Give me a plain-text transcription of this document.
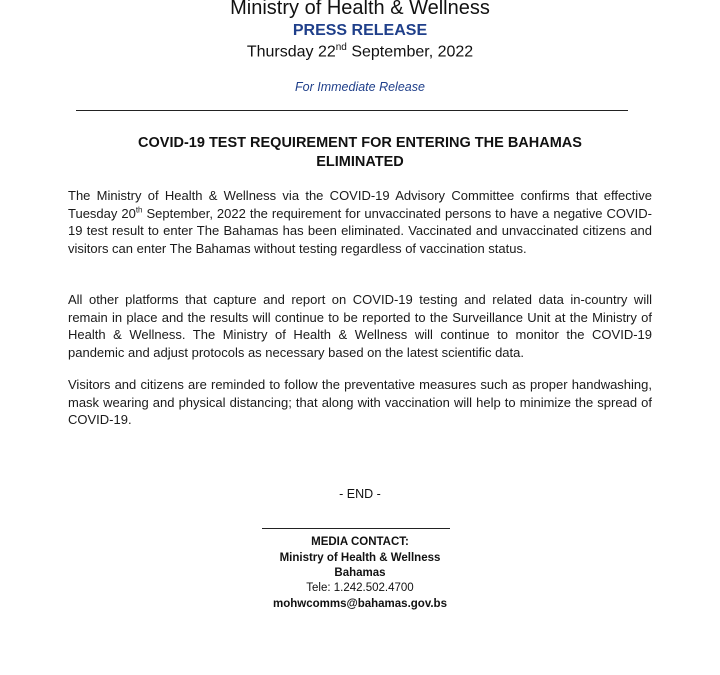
Ministry of Health & Wellness
PRESS RELEASE
Thursday 22nd September, 2022
For Immediate Release
COVID-19 TEST REQUIREMENT FOR ENTERING THE BAHAMAS
ELIMINATED
The Ministry of Health & Wellness via the COVID-19 Advisory Committee confirms that effective Tuesday 20th September, 2022 the requirement for unvaccinated persons to have a negative COVID-19 test result to enter The Bahamas has been eliminated. Vaccinated and unvaccinated citizens and visitors can enter The Bahamas without testing regardless of vaccination status.
All other platforms that capture and report on COVID-19 testing and related data in-country will remain in place and the results will continue to be reported to the Surveillance Unit at the Ministry of Health & Wellness. The Ministry of Health & Wellness will continue to monitor the COVID-19 pandemic and adjust protocols as necessary based on the latest scientific data.
Visitors and citizens are reminded to follow the preventative measures such as proper handwashing, mask wearing and physical distancing; that along with vaccination will help to minimize the spread of COVID-19.
- END -
MEDIA CONTACT:
Ministry of Health & Wellness
Bahamas
Tele: 1.242.502.4700
mohwcomms@bahamas.gov.bs
